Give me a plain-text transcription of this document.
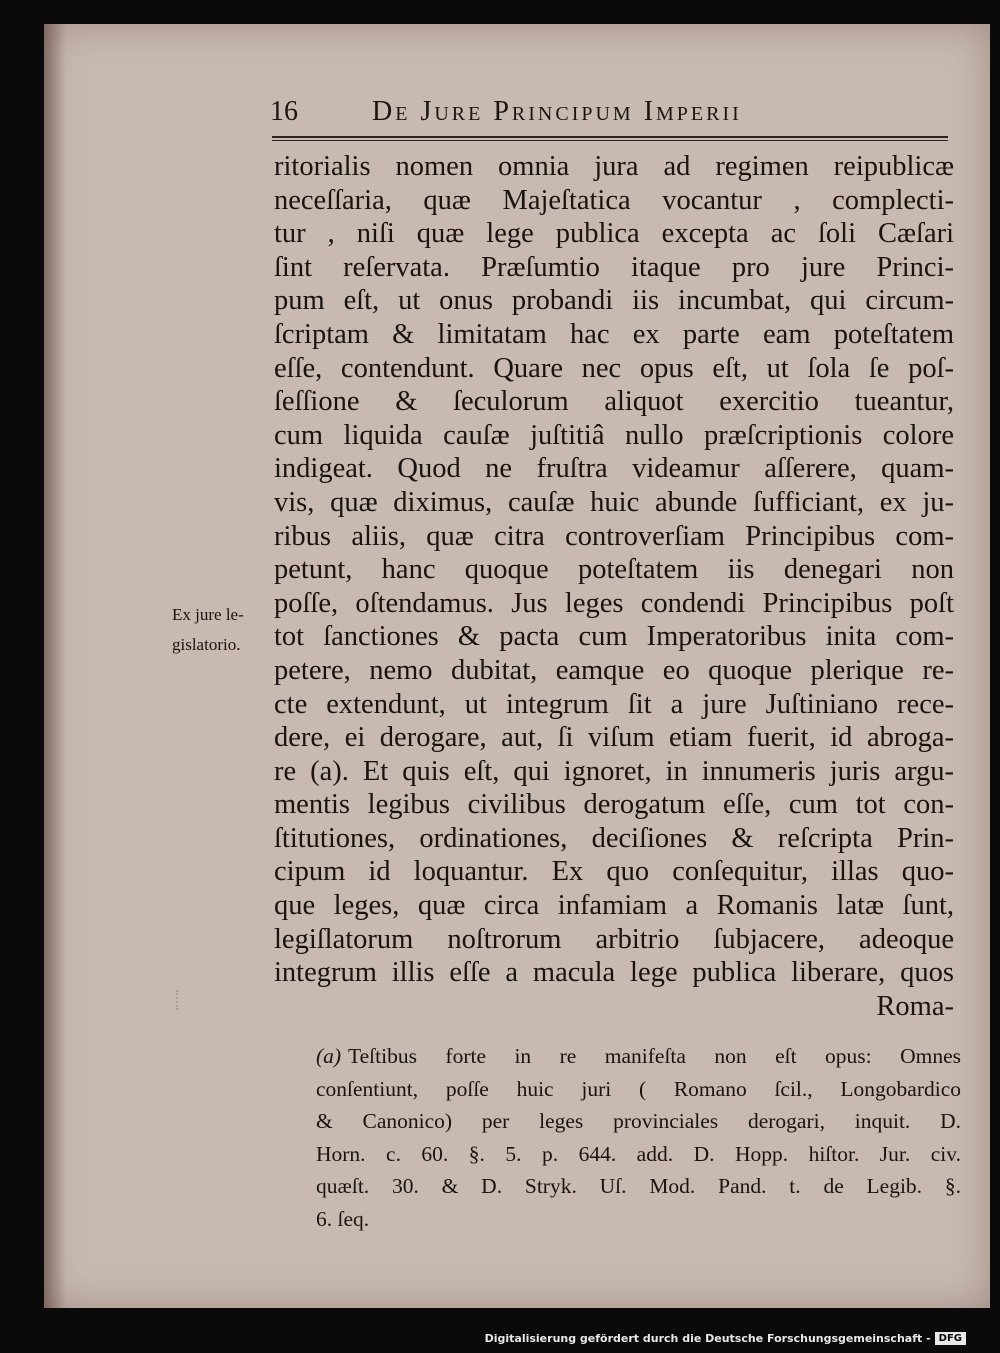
16	De Jure Principum Imperii
Ex jure le-
gislatorio.
ritorialis nomen omnia jura ad regimen reipublicæ
neceſſaria, quæ Majeſtatica vocantur , complecti-
tur , niſi quæ lege publica excepta ac ſoli Cæſari
ſint reſervata. Præſumtio itaque pro jure Princi-
pum eſt, ut onus probandi iis incumbat, qui circum-
ſcriptam & limitatam hac ex parte eam poteſtatem
eſſe, contendunt. Quare nec opus eſt, ut ſola ſe poſ-
ſeſſione & ſeculorum aliquot exercitio tueantur,
cum liquida cauſæ juſtitiâ nullo præſcriptionis colore
indigeat. Quod ne fruſtra videamur aſſerere, quam-
vis, quæ diximus, cauſæ huic abunde ſufficiant, ex ju-
ribus aliis, quæ citra controverſiam Principibus com-
petunt, hanc quoque poteſtatem iis denegari non
poſſe, oſtendamus. Jus leges condendi Principibus poſt
tot ſanctiones & pacta cum Imperatoribus inita com-
petere, nemo dubitat, eamque eo quoque plerique re-
cte extendunt, ut integrum ſit a jure Juſtiniano rece-
dere, ei derogare, aut, ſi viſum etiam fuerit, id abroga-
re (a). Et quis eſt, qui ignoret, in innumeris juris argu-
mentis legibus civilibus derogatum eſſe, cum tot con-
ſtitutiones, ordinationes, deciſiones & reſcripta Prin-
cipum id loquantur. Ex quo conſequitur, illas quo-
que leges, quæ circa infamiam a Romanis latæ ſunt,
legiſlatorum noſtrorum arbitrio ſubjacere, adeoque
integrum illis eſſe a macula lege publica liberare, quos
Roma-
(a) Teſtibus forte in re manifeſta non eſt opus: Omnes
conſentiunt, poſſe huic juri ( Romano ſcil., Longobardico
& Canonico) per leges provinciales derogari, inquit. D.
Horn. c. 60. §. 5. p. 644. add. D. Hopp. hiſtor. Jur. civ.
quæſt. 30. & D. Stryk. Uſ. Mod. Pand. t. de Legib. §.
6. ſeq.
Digitalisierung gefördert durch die Deutsche Forschungsgemeinschaft - DFG
